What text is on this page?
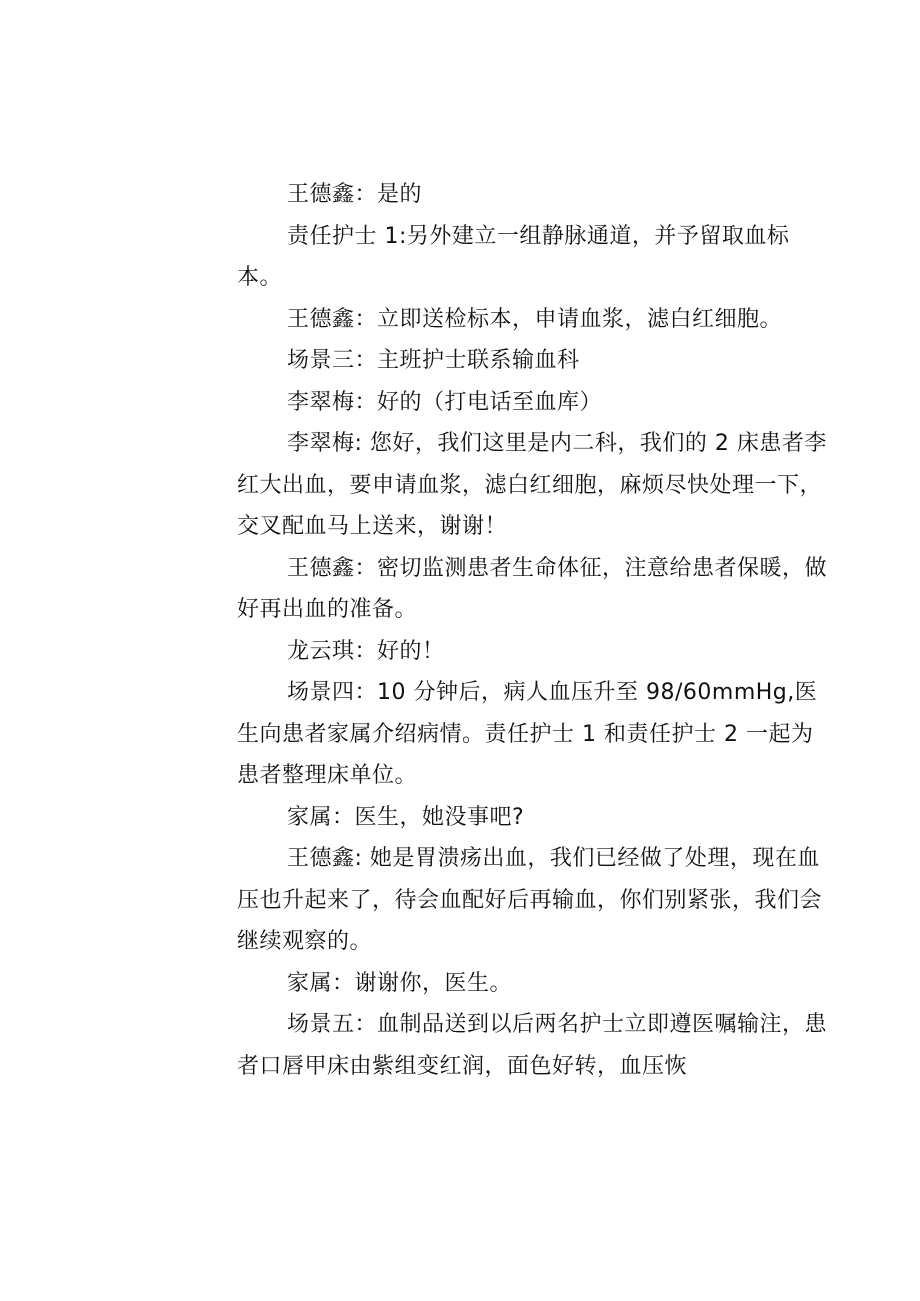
王德鑫：是的

责任护士 1:另外建立一组静脉通道，并予留取血标本。

王德鑫：立即送检标本，申请血浆，滤白红细胞。

场景三：主班护士联系输血科

李翠梅：好的（打电话至血库）

李翠梅: 您好，我们这里是内二科，我们的 2 床患者李红大出血，要申请血浆，滤白红细胞，麻烦尽快处理一下，交叉配血马上送来，谢谢！

王德鑫：密切监测患者生命体征，注意给患者保暖，做好再出血的准备。

龙云琪：好的！

场景四：10 分钟后，病人血压升至 98/60mmHg,医生向患者家属介绍病情。责任护士 1 和责任护士 2 一起为患者整理床单位。

家属：医生，她没事吧?

王德鑫: 她是胃溃疡出血，我们已经做了处理，现在血压也升起来了，待会血配好后再输血，你们别紧张，我们会继续观察的。

家属：谢谢你，医生。

场景五：血制品送到以后两名护士立即遵医嘱输注，患者口唇甲床由紫组变红润，面色好转，血压恢
